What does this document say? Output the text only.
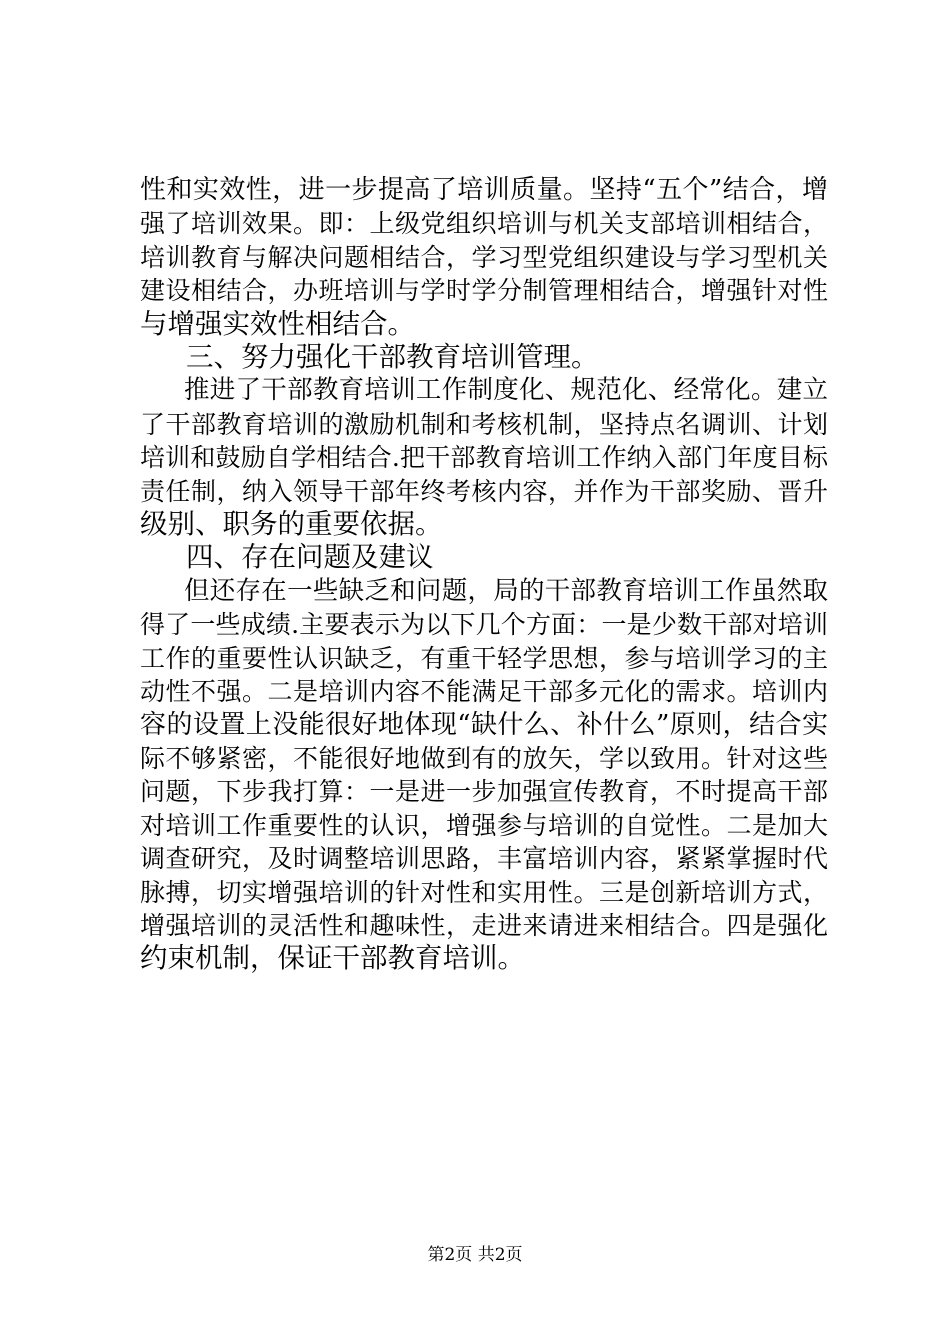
性和实效性，进一步提高了培训质量。坚持“五个”结合，增
强了培训效果。即：上级党组织培训与机关支部培训相结合，
培训教育与解决问题相结合，学习型党组织建设与学习型机关
建设相结合，办班培训与学时学分制管理相结合，增强针对性
与增强实效性相结合。
三、努力强化干部教育培训管理。
推进了干部教育培训工作制度化、规范化、经常化。建立
了干部教育培训的激励机制和考核机制，坚持点名调训、计划
培训和鼓励自学相结合.把干部教育培训工作纳入部门年度目标
责任制，纳入领导干部年终考核内容，并作为干部奖励、晋升
级别、职务的重要依据。
四、存在问题及建议
但还存在一些缺乏和问题，局的干部教育培训工作虽然取
得了一些成绩.主要表示为以下几个方面：一是少数干部对培训
工作的重要性认识缺乏，有重干轻学思想，参与培训学习的主
动性不强。二是培训内容不能满足干部多元化的需求。培训内
容的设置上没能很好地体现“缺什么、补什么”原则，结合实
际不够紧密，不能很好地做到有的放矢，学以致用。针对这些
问题，下步我打算：一是进一步加强宣传教育，不时提高干部
对培训工作重要性的认识，增强参与培训的自觉性。二是加大
调查研究，及时调整培训思路，丰富培训内容，紧紧掌握时代
脉搏，切实增强培训的针对性和实用性。三是创新培训方式，
增强培训的灵活性和趣味性，走进来请进来相结合。四是强化
约束机制，保证干部教育培训。
第2页 共2页
